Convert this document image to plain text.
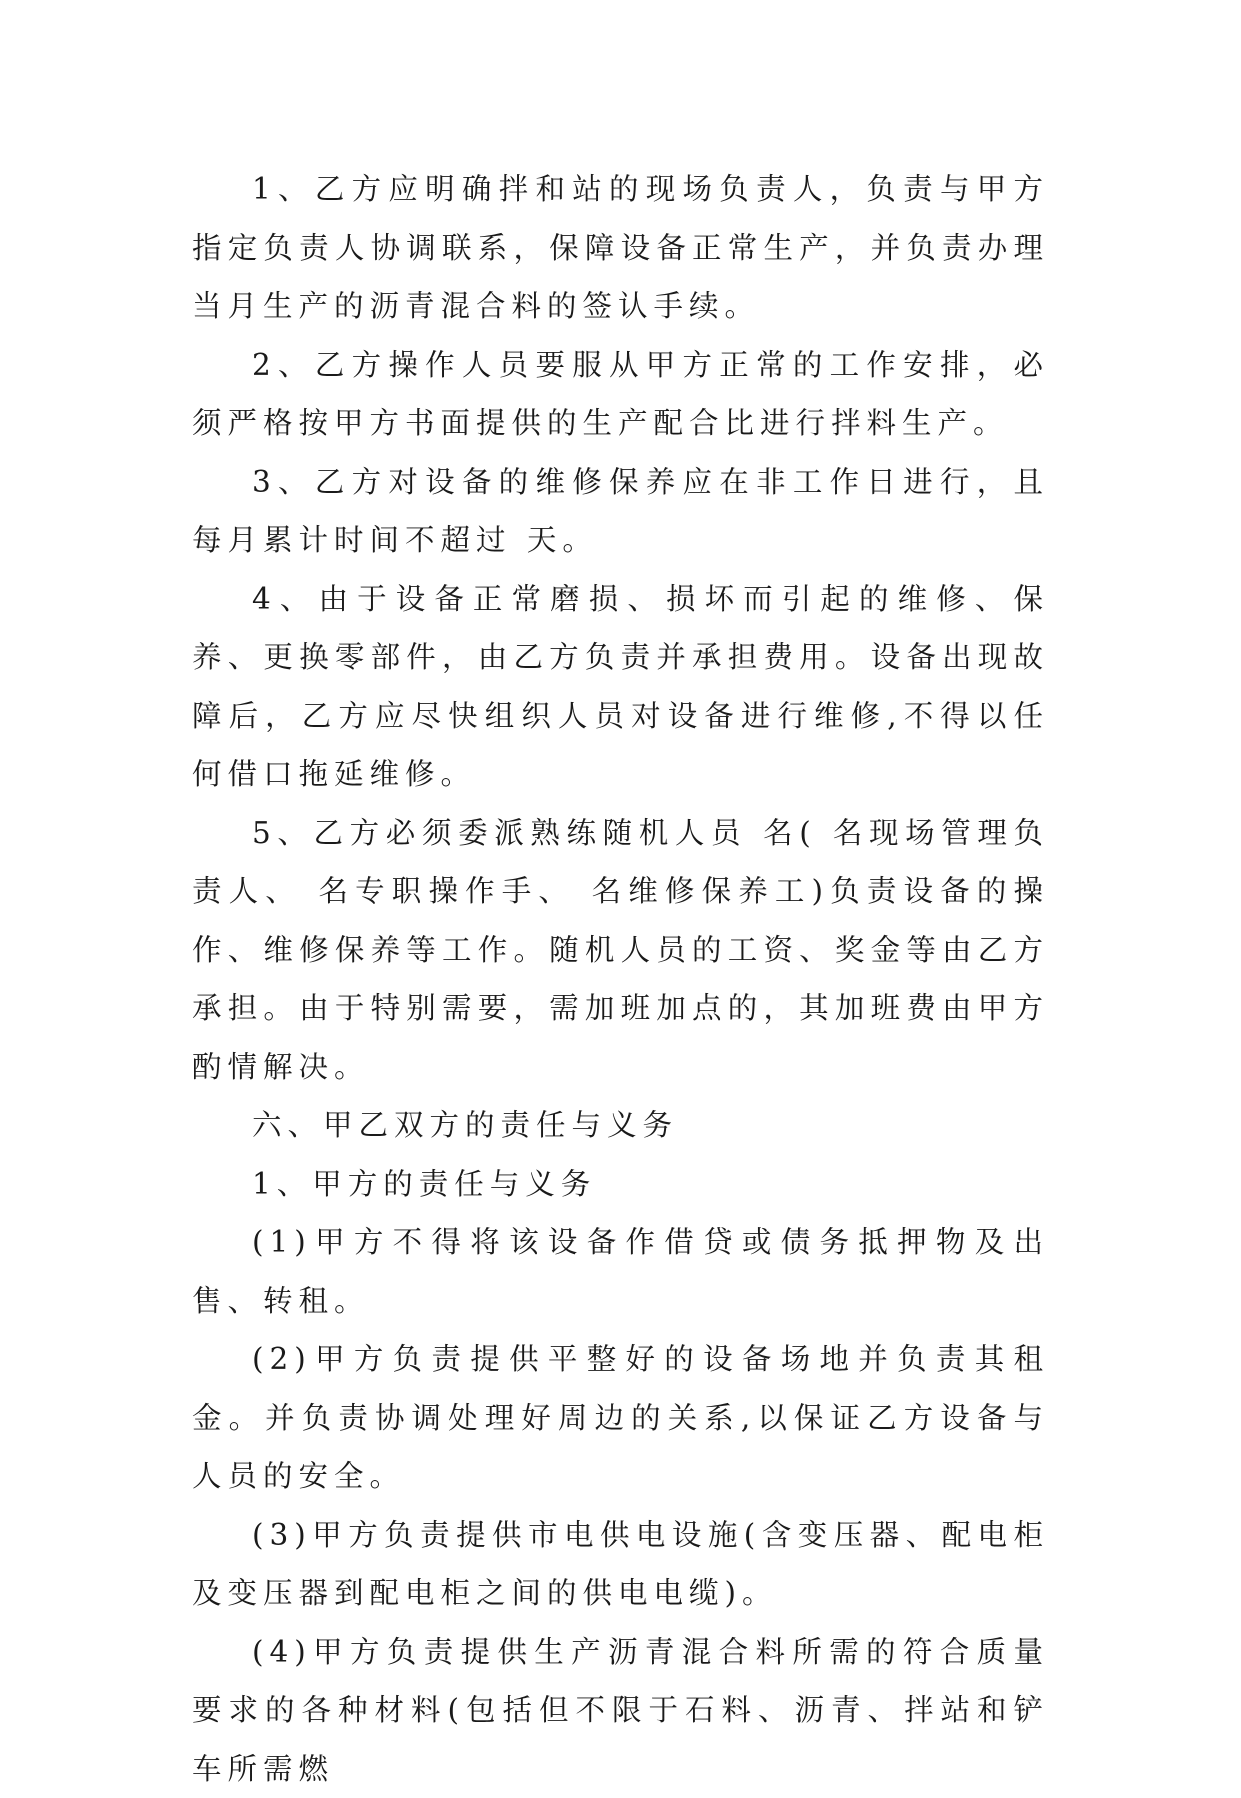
1、乙方应明确拌和站的现场负责人，负责与甲方指定负责人协调联系，保障设备正常生产，并负责办理当月生产的沥青混合料的签认手续。

2、乙方操作人员要服从甲方正常的工作安排，必须严格按甲方书面提供的生产配合比进行拌料生产。

3、乙方对设备的维修保养应在非工作日进行，且每月累计时间不超过 天。

4、由于设备正常磨损、损坏而引起的维修、保养、更换零部件，由乙方负责并承担费用。设备出现故障后，乙方应尽快组织人员对设备进行维修,不得以任何借口拖延维修。

5、乙方必须委派熟练随机人员 名( 名现场管理负责人、 名专职操作手、 名维修保养工)负责设备的操作、维修保养等工作。随机人员的工资、奖金等由乙方承担。由于特别需要，需加班加点的，其加班费由甲方酌情解决。

六、甲乙双方的责任与义务

1、甲方的责任与义务

(1)甲方不得将该设备作借贷或债务抵押物及出售、转租。

(2)甲方负责提供平整好的设备场地并负责其租金。并负责协调处理好周边的关系,以保证乙方设备与人员的安全。

(3)甲方负责提供市电供电设施(含变压器、配电柜及变压器到配电柜之间的供电电缆)。

(4)甲方负责提供生产沥青混合料所需的符合质量要求的各种材料(包括但不限于石料、沥青、拌站和铲车所需燃
